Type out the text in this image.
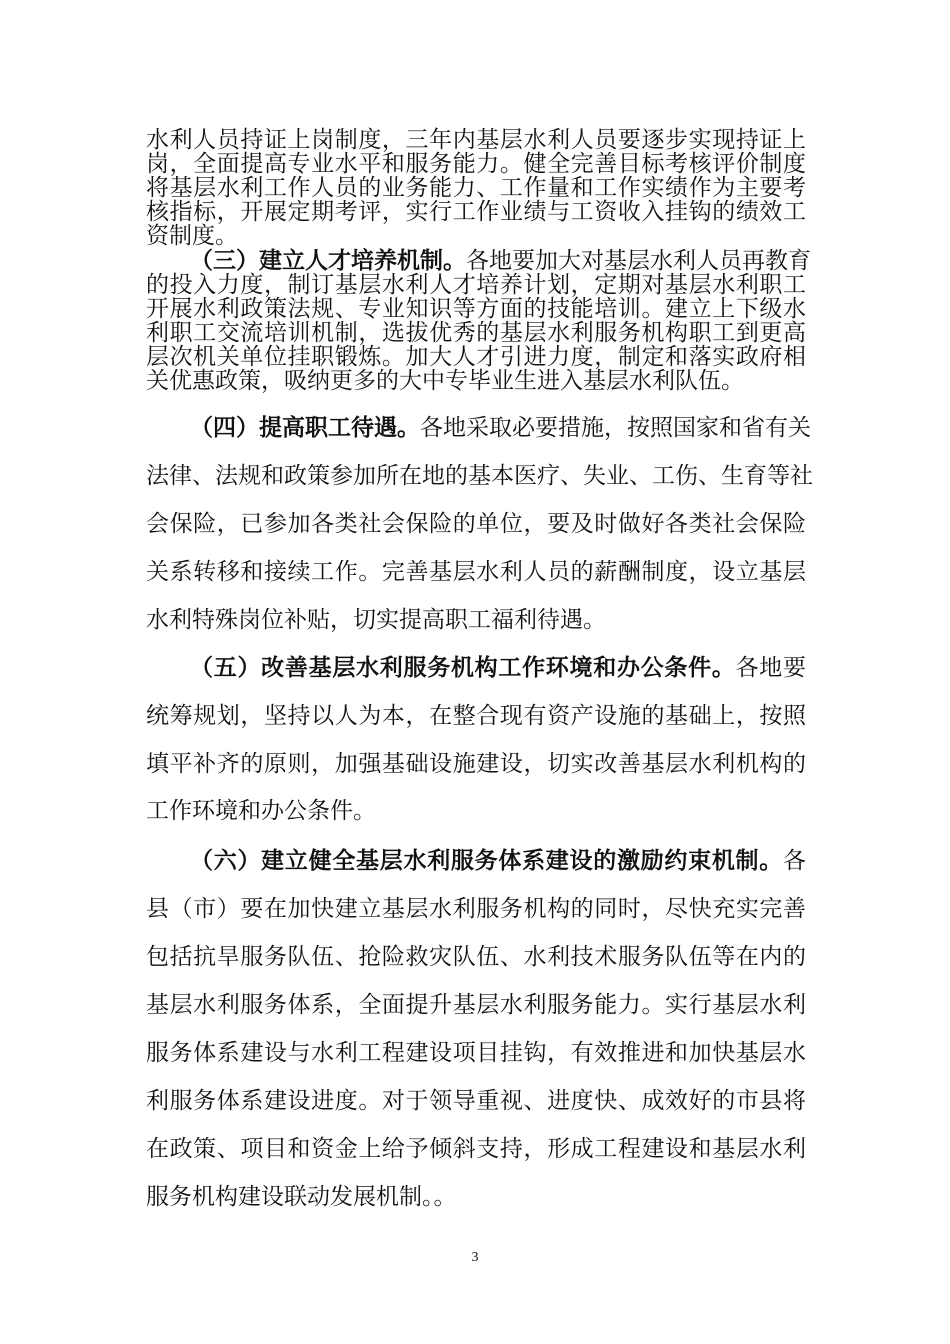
水利人员持证上岗制度，三年内基层水利人员要逐步实现持证上
岗，全面提高专业水平和服务能力。健全完善目标考核评价制度
将基层水利工作人员的业务能力、工作量和工作实绩作为主要考
核指标，开展定期考评，实行工作业绩与工资收入挂钩的绩效工
资制度。
（三）建立人才培养机制。各地要加大对基层水利人员再教育
的投入力度，制订基层水利人才培养计划，定期对基层水利职工
开展水利政策法规、专业知识等方面的技能培训。建立上下级水
利职工交流培训机制，选拔优秀的基层水利服务机构职工到更高
层次机关单位挂职锻炼。加大人才引进力度，制定和落实政府相
关优惠政策，吸纳更多的大中专毕业生进入基层水利队伍。
（四）提高职工待遇。各地采取必要措施，按照国家和省有关
法律、法规和政策参加所在地的基本医疗、失业、工伤、生育等社
会保险，已参加各类社会保险的单位，要及时做好各类社会保险
关系转移和接续工作。完善基层水利人员的薪酬制度，设立基层
水利特殊岗位补贴，切实提高职工福利待遇。
（五）改善基层水利服务机构工作环境和办公条件。各地要
统筹规划，坚持以人为本，在整合现有资产设施的基础上，按照
填平补齐的原则，加强基础设施建设，切实改善基层水利机构的
工作环境和办公条件。
（六）建立健全基层水利服务体系建设的激励约束机制。各
县（市）要在加快建立基层水利服务机构的同时，尽快充实完善
包括抗旱服务队伍、抢险救灾队伍、水利技术服务队伍等在内的
基层水利服务体系，全面提升基层水利服务能力。实行基层水利
服务体系建设与水利工程建设项目挂钩，有效推进和加快基层水
利服务体系建设进度。对于领导重视、进度快、成效好的市县将
在政策、项目和资金上给予倾斜支持，形成工程建设和基层水利
服务机构建设联动发展机制。。
3
